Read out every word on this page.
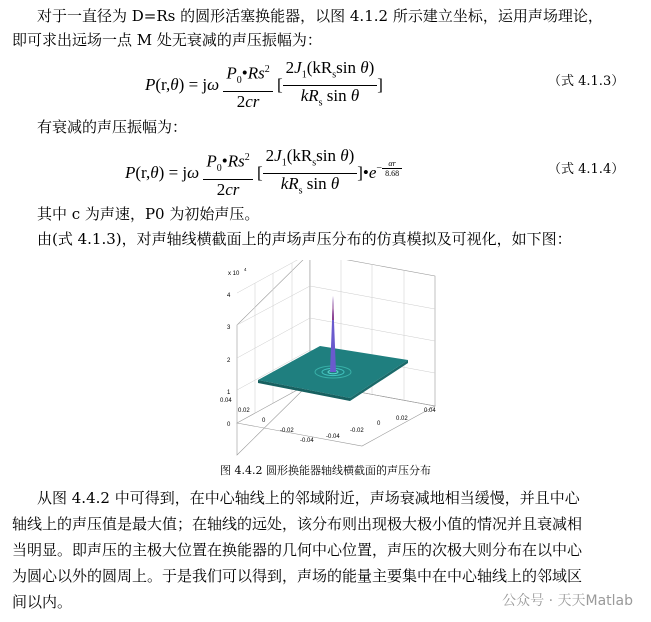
对于一直径为 D=Rs 的圆形活塞换能器，以图 4.1.2 所示建立坐标，运用声场理论，
即可求出远场一点 M 处无衰减的声压振幅为：
P(r,θ) = jω $\frac{P_0•Rs^2}{2cr}$ [ $\frac{2J_1(kR_s\sin \theta)}{kR_s \sin \theta}$ ]	（式 4.1.3）
有衰减的声压振幅为：
P(r,θ) = jω $\frac{P_0•Rs^2}{2cr}$ [ $\frac{2J_1(kR_s\sin \theta)}{kR_s \sin \theta}$ ]$•e^{- \frac{\alpha r}{8.68}}$	（式 4.1.4）
其中 c 为声速，P0 为初始声压。
由(式 4.1.3)，对声轴线横截面上的声场声压分布的仿真模拟及可视化，如下图：
4
3
2
1
0
x 10
4
0.04
0.02
0
-0.02
-0.04
-0.04
-0.02
0
0.02
0.04
图 4.4.2 圆形换能器轴线横截面的声压分布
从图 4.4.2 中可得到，在中心轴线上的邻域附近，声场衰减地相当缓慢，并且中心
轴线上的声压值是最大值；在轴线的远处，该分布则出现极大极小值的情况并且衰减相
当明显。即声压的主极大位置在换能器的几何中心位置，声压的次极大则分布在以中心
为圆心以外的圆周上。于是我们可以得到，声场的能量主要集中在中心轴线上的邻域区
间以内。	公众号 · 天天Matlab
